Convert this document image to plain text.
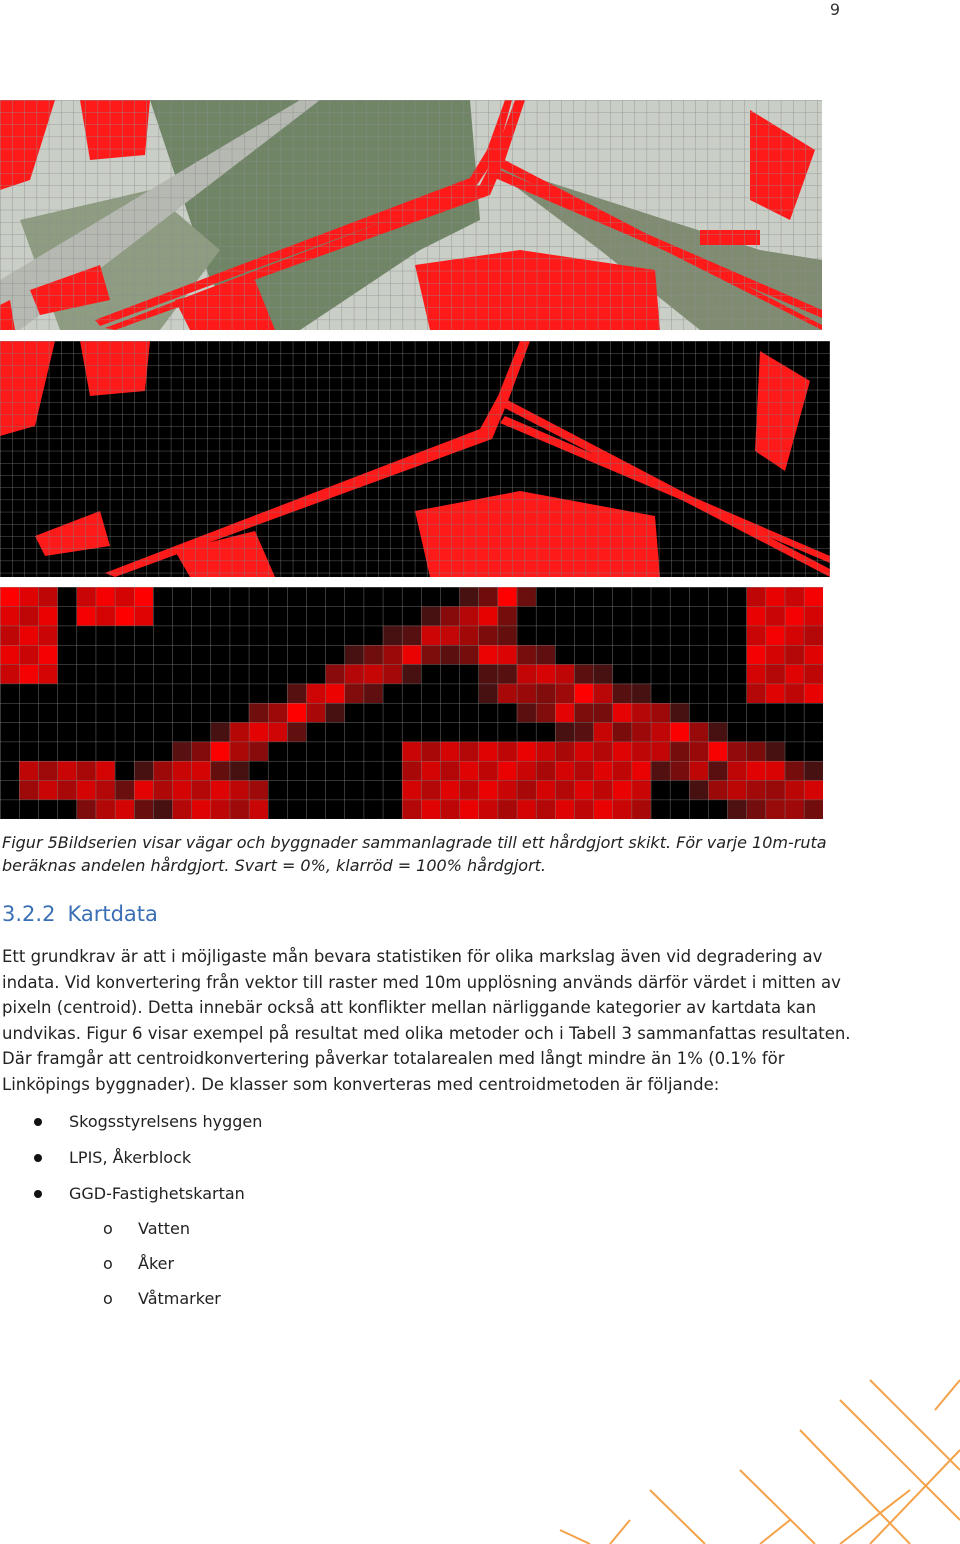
9
Figur 5Bildserien visar vägar och byggnader sammanlagrade till ett hårdgjort skikt. För varje 10m-ruta beräknas andelen hårdgjort. Svart = 0%, klarröd = 100% hårdgjort.
3.2.2 Kartdata
Ett grundkrav är att i möjligaste mån bevara statistiken för olika markslag även vid degradering av indata. Vid konvertering från vektor till raster med 10m upplösning används därför värdet i mitten av pixeln (centroid). Detta innebär också att konflikter mellan närliggande kategorier av kartdata kan undvikas. Figur 6 visar exempel på resultat med olika metoder och i Tabell 3 sammanfattas resultaten. Där framgår att centroidkonvertering påverkar totalarealen med långt mindre än 1% (0.1% för Linköpings byggnader). De klasser som konverteras med centroidmetoden är följande:
Skogsstyrelsens hyggen
LPIS, Åkerblock
GGD-Fastighetskartan
o Vatten
o Åker
o Våtmarker
